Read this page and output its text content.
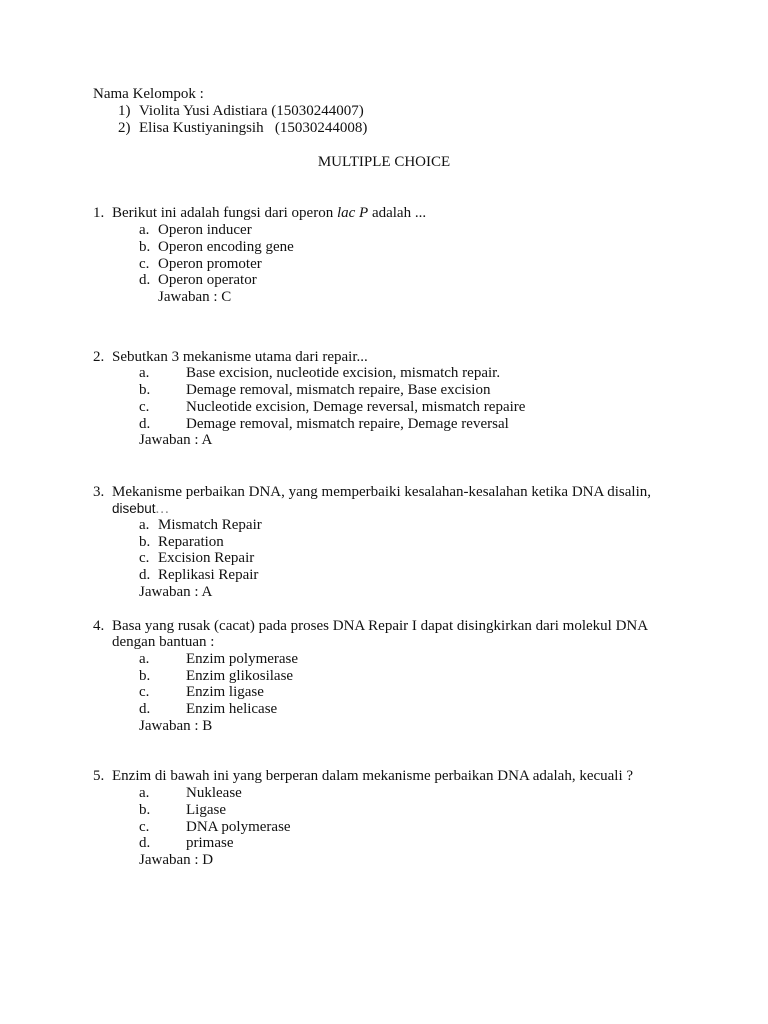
Nama Kelompok :
1) Violita Yusi Adistiara (15030244007)
2) Elisa Kustiyaningsih   (15030244008)
MULTIPLE CHOICE
1. Berikut ini adalah fungsi dari operon lac P adalah ...
a. Operon inducer
b. Operon encoding gene
c. Operon promoter
d. Operon operator
Jawaban : C
2. Sebutkan 3 mekanisme utama dari repair...
a. Base excision, nucleotide excision, mismatch repair.
b. Demage removal, mismatch repaire, Base excision
c. Nucleotide excision, Demage reversal, mismatch repaire
d. Demage removal, mismatch repaire, Demage reversal
Jawaban : A
3. Mekanisme perbaikan DNA, yang memperbaiki kesalahan-kesalahan ketika DNA disalin,
disebut...
a. Mismatch Repair
b. Reparation
c. Excision Repair
d. Replikasi Repair
Jawaban : A
4. Basa yang rusak (cacat) pada proses DNA Repair I dapat disingkirkan dari molekul DNA
dengan bantuan :
a. Enzim polymerase
b. Enzim glikosilase
c. Enzim ligase
d. Enzim helicase
Jawaban : B
5. Enzim di bawah ini yang berperan dalam mekanisme perbaikan DNA adalah, kecuali ?
a. Nuklease
b. Ligase
c. DNA polymerase
d. primase
Jawaban : D
